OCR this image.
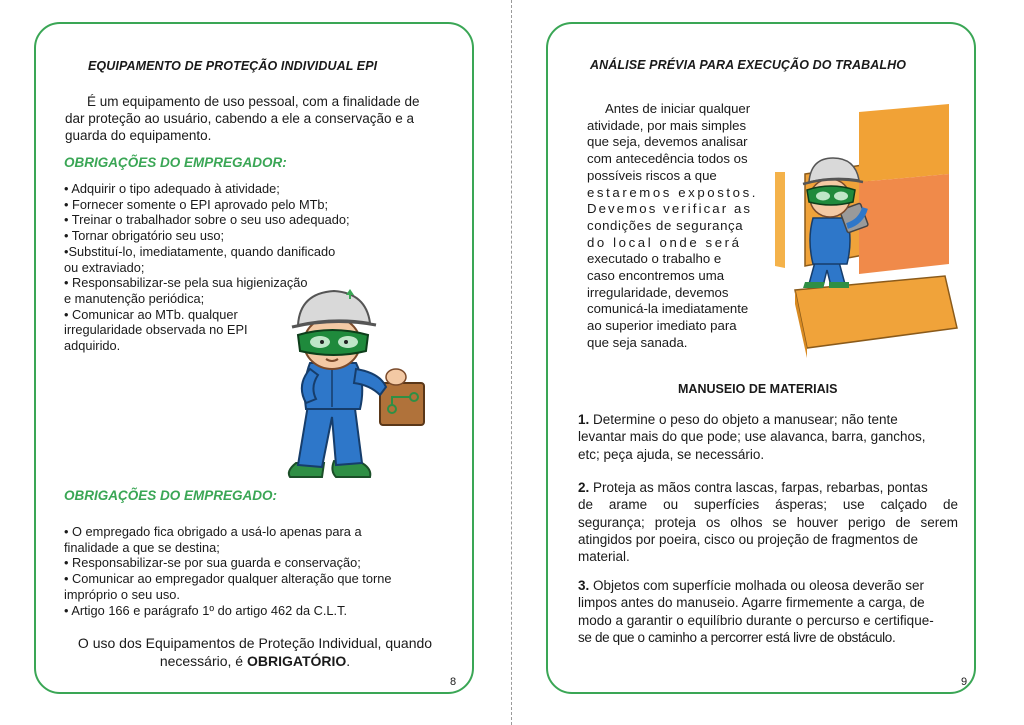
EQUIPAMENTO DE PROTEÇÃO INDIVIDUAL EPI
É um equipamento de uso pessoal, com a finalidade de
dar proteção ao usuário, cabendo a ele a conservação e a
guarda do equipamento.
OBRIGAÇÕES DO EMPREGADOR:
• Adquirir o tipo adequado à atividade;
• Fornecer somente o EPI aprovado pelo MTb;
• Treinar o trabalhador sobre o seu uso adequado;
• Tornar obrigatório seu uso;
•Substituí-lo, imediatamente, quando danificado
ou extraviado;
• Responsabilizar-se pela sua higienização
e manutenção periódica;
• Comunicar ao MTb. qualquer
irregularidade observada no EPI
adquirido.
OBRIGAÇÕES DO EMPREGADO:
• O empregado fica obrigado a usá-lo apenas para a
finalidade a que se destina;
• Responsabilizar-se por sua guarda e conservação;
• Comunicar ao empregador qualquer alteração que torne
impróprio o seu uso.
• Artigo 166 e parágrafo 1º do artigo 462 da C.L.T.
O uso dos Equipamentos de Proteção Individual, quando
necessário, é OBRIGATÓRIO.
8
ANÁLISE PRÉVIA PARA EXECUÇÃO DO TRABALHO
Antes de iniciar qualquer
atividade, por mais simples
que seja, devemos analisar
com antecedência todos os
possíveis riscos a que
estaremos expostos.
Devemos verificar as
condições de segurança
do local onde será
executado o trabalho e
caso encontremos uma
irregularidade, devemos
comunicá-la imediatamente
ao superior imediato para
que seja sanada.
MANUSEIO DE MATERIAIS
1. Determine o peso do objeto a manusear; não tente
levantar mais do que pode; use alavanca, barra, ganchos,
etc; peça ajuda, se necessário.
2. Proteja as mãos contra lascas, farpas, rebarbas, pontas
de arame ou superfícies ásperas; use calçado de
segurança; proteja os olhos se houver perigo de serem
atingidos por poeira, cisco ou projeção de fragmentos de
material.
3. Objetos com superfície molhada ou oleosa deverão ser
limpos antes do manuseio. Agarre firmemente a carga, de
modo a garantir o equilíbrio durante o percurso e certifique-
se de que o caminho a percorrer está livre de obstáculo.
9
